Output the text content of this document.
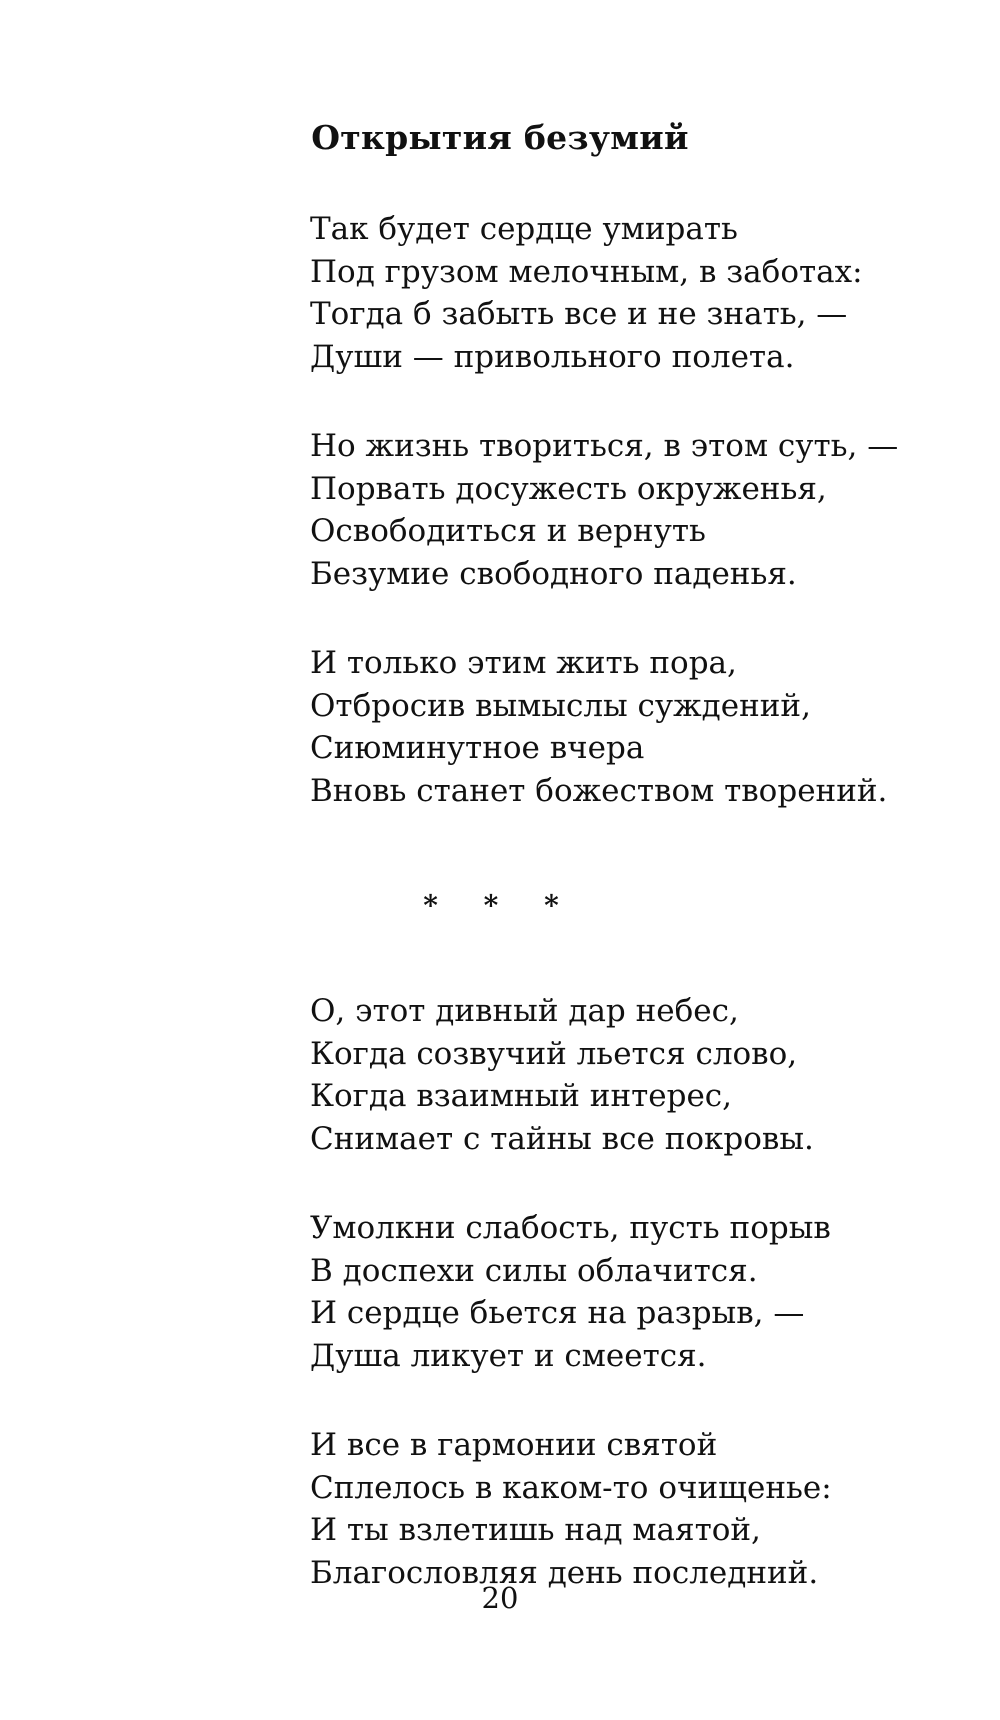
Открытия безумий
Так будет сердце умирать
Под грузом мелочным, в заботах:
Тогда б забыть все и не знать, —
Души — привольного полета.
Но жизнь твориться, в этом суть, —
Порвать досужесть окруженья,
Освободиться и вернуть
Безумие свободного паденья.
И только этим жить пора,
Отбросив вымыслы суждений,
Сиюминутное вчера
Вновь станет божеством творений.
* * *
О, этот дивный дар небес,
Когда созвучий льется слово,
Когда взаимный интерес,
Снимает с тайны все покровы.
Умолкни слабость, пусть порыв
В доспехи силы облачится.
И сердце бьется на разрыв, —
Душа ликует и смеется.
И все в гармонии святой
Сплелось в каком-то очищенье:
И ты взлетишь над маятой,
Благословляя день последний.
20
